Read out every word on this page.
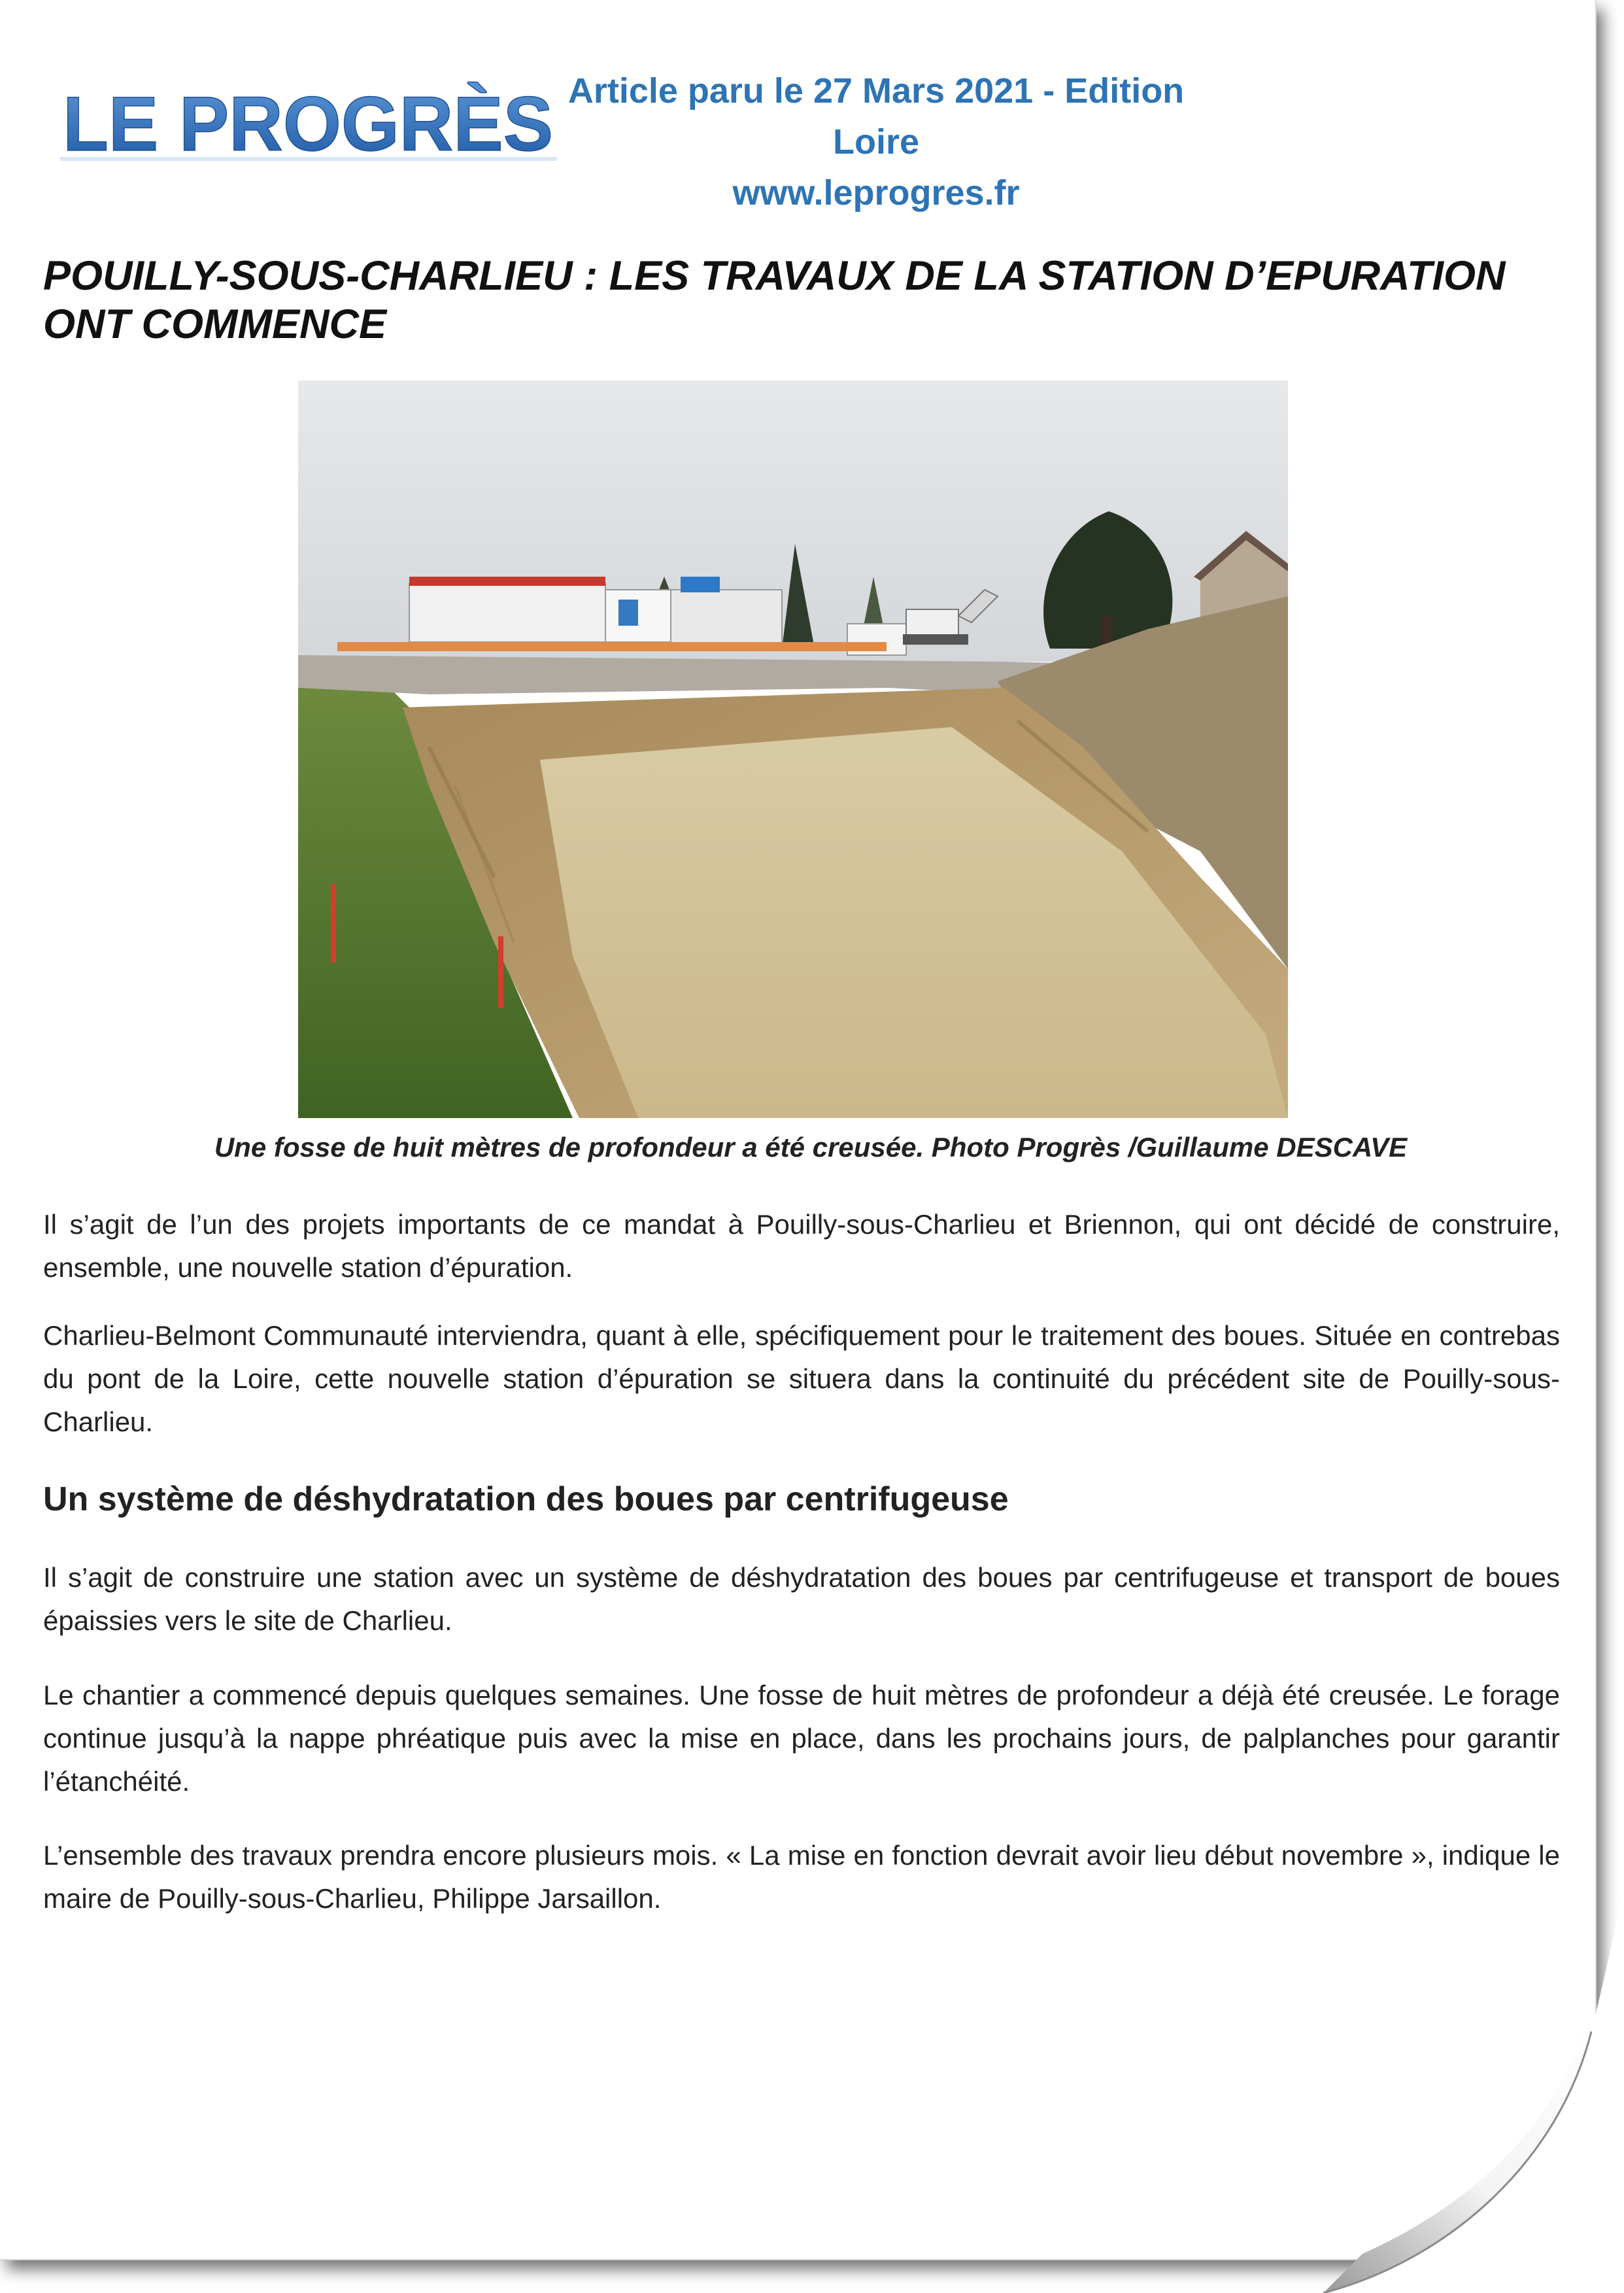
LE PROGRÈS Article paru le 27 Mars 2021 - Edition Loire
www.leprogres.fr
POUILLY-SOUS-CHARLIEU : LES TRAVAUX DE LA STATION D’EPURATION ONT COMMENCE
Une fosse de huit mètres de profondeur a été creusée. Photo Progrès /Guillaume DESCAVE

Il s’agit de l’un des projets importants de ce mandat à Pouilly-sous-Charlieu et Briennon, qui ont décidé de construire, ensemble, une nouvelle station d’épuration.

Charlieu-Belmont Communauté interviendra, quant à elle, spécifiquement pour le traitement des boues. Située en contrebas du pont de la Loire, cette nouvelle station d’épuration se situera dans la continuité du précédent site de Pouilly-sous-Charlieu.

Un système de déshydratation des boues par centrifugeuse

Il s’agit de construire une station avec un système de déshydratation des boues par centrifugeuse et transport de boues épaissies vers le site de Charlieu.

Le chantier a commencé depuis quelques semaines. Une fosse de huit mètres de profondeur a déjà été creusée. Le forage continue jusqu’à la nappe phréatique puis avec la mise en place, dans les prochains jours, de palplanches pour garantir l’étanchéité.

L’ensemble des travaux prendra encore plusieurs mois. « La mise en fonction devrait avoir lieu début novembre », indique le maire de Pouilly-sous-Charlieu, Philippe Jarsaillon.
